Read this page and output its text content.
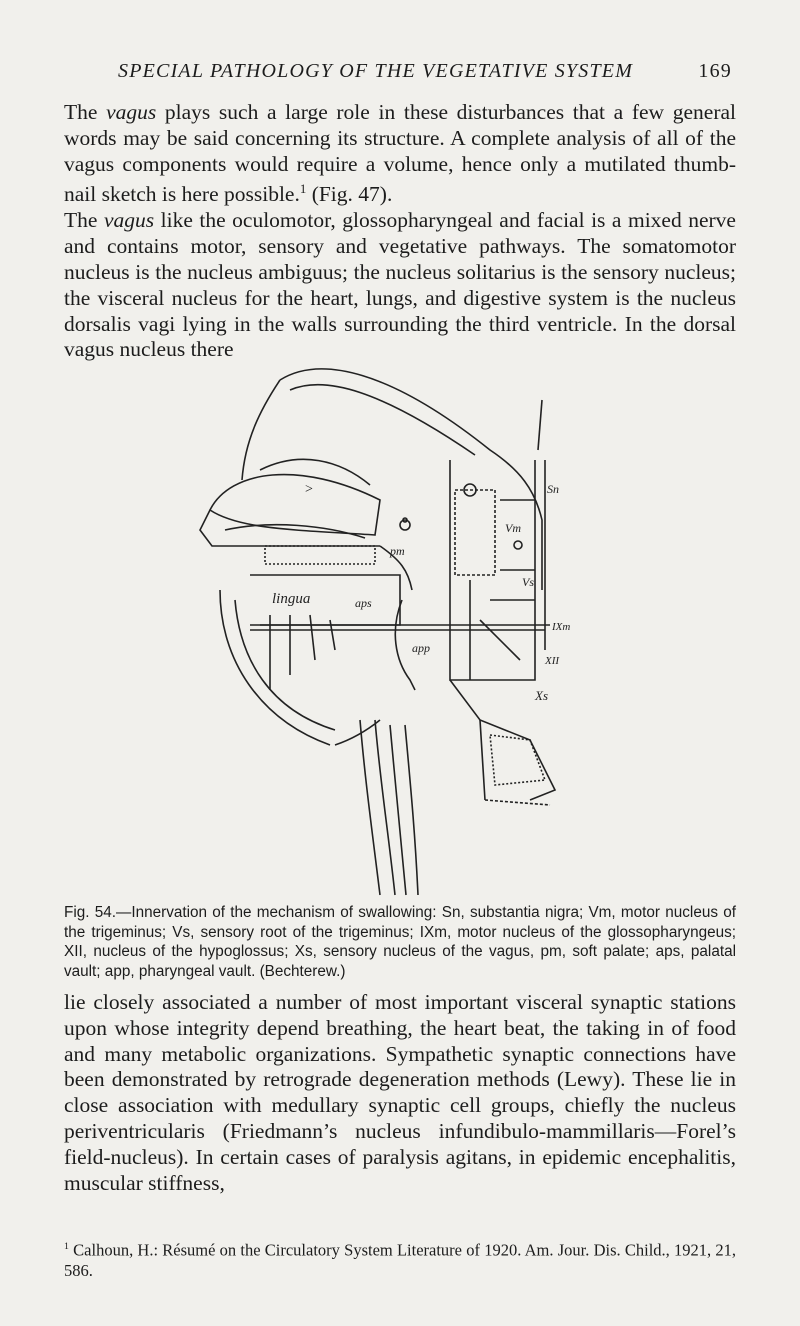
SPECIAL PATHOLOGY OF THE VEGETATIVE SYSTEM	169

The vagus plays such a large role in these disturbances that a few general words may be said concerning its structure. A complete analysis of all of the vagus components would require a volume, hence only a mutilated thumb-nail sketch is here possible.$^1$ (Fig. 47).

The vagus like the oculomotor, glossopharyngeal and facial is a mixed nerve and contains motor, sensory and vegetative pathways. The somatomotor nucleus is the nucleus ambiguus; the nucleus solitarius is the sensory nucleus; the visceral nucleus for the heart, lungs, and digestive system is the nucleus dorsalis vagi lying in the walls surrounding the third ventricle. In the dorsal vagus nucleus there

>
pm
lingua	aps
app
Sn
Vm
Vs
IXm
XII
Xs
Fig. 54.—Innervation of the mechanism of swallowing: Sn, substantia nigra; Vm, motor nucleus of the trigeminus; Vs, sensory root of the trigeminus; IXm, motor nucleus of the glossopharyngeus; XII, nucleus of the hypoglossus; Xs, sensory nucleus of the vagus, pm, soft palate; aps, palatal vault; app, pharyngeal vault. (Bechterew.)

lie closely associated a number of most important visceral synaptic stations upon whose integrity depend breathing, the heart beat, the taking in of food and many metabolic organizations. Sympathetic synaptic connections have been demonstrated by retrograde degeneration methods (Lewy). These lie in close association with medullary synaptic cell groups, chiefly the nucleus periventricularis (Friedmann’s nucleus infundibulo-mammillaris—Forel’s field-nucleus). In certain cases of paralysis agitans, in epidemic encephalitis, muscular stiffness,

$^1$ Calhoun, H.: Résumé on the Circulatory System Literature of 1920. Am. Jour. Dis. Child., 1921, 21, 586.
